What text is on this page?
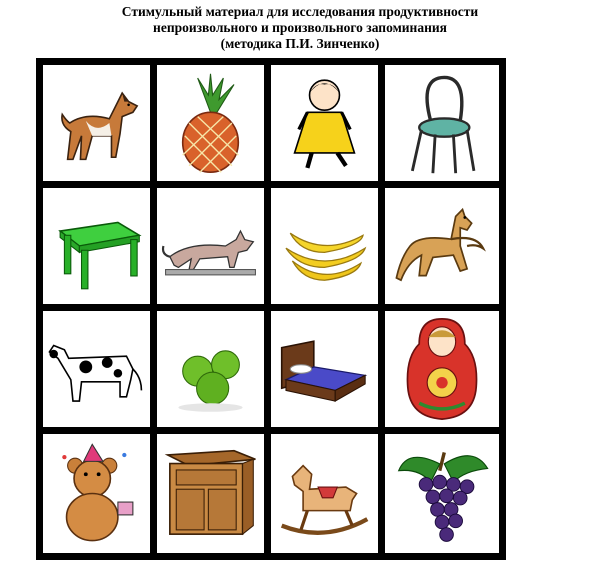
Стимульный материал для исследования продуктивности
непроизвольного и произвольного запоминания
(методика П.И. Зинченко)
